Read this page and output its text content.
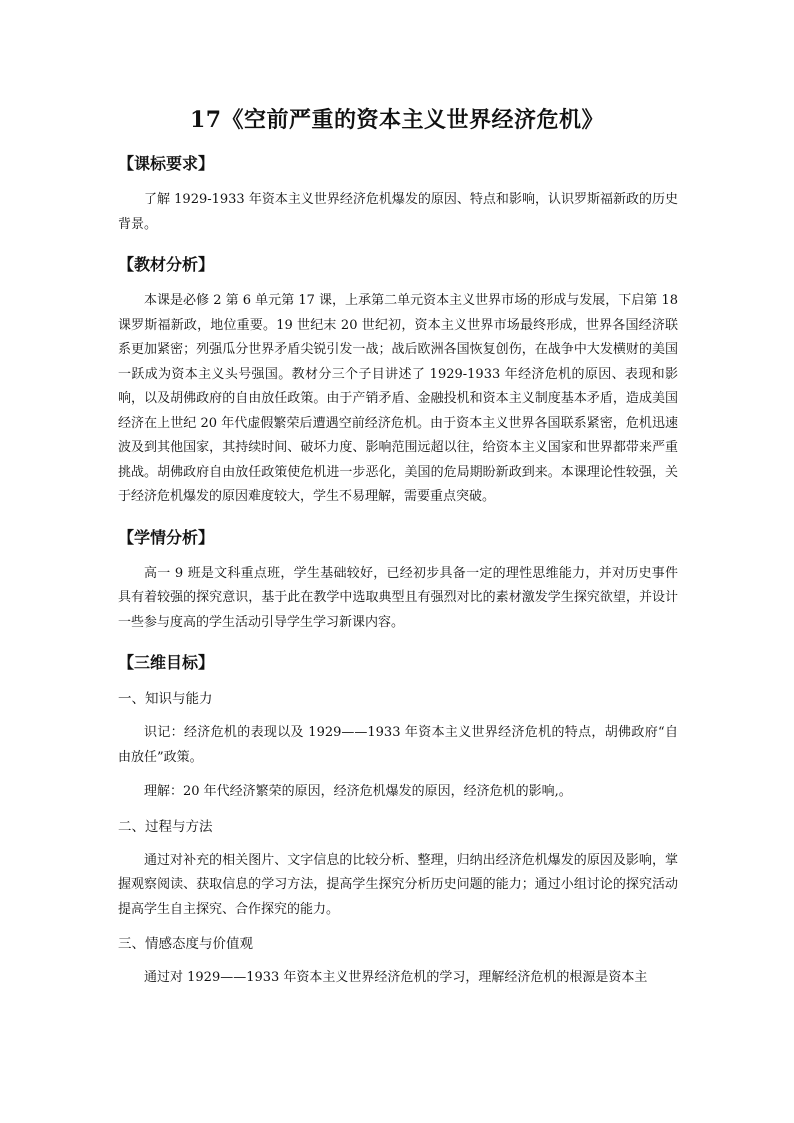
17《空前严重的资本主义世界经济危机》
【课标要求】

了解 1929-1933 年资本主义世界经济危机爆发的原因、特点和影响，认识罗斯福新政的历史背景。

【教材分析】

本课是必修 2 第 6 单元第 17 课，上承第二单元资本主义世界市场的形成与发展，下启第 18 课罗斯福新政，地位重要。19 世纪末 20 世纪初，资本主义世界市场最终形成，世界各国经济联系更加紧密；列强瓜分世界矛盾尖锐引发一战；战后欧洲各国恢复创伤，在战争中大发横财的美国一跃成为资本主义头号强国。教材分三个子目讲述了 1929-1933 年经济危机的原因、表现和影响，以及胡佛政府的自由放任政策。由于产销矛盾、金融投机和资本主义制度基本矛盾，造成美国经济在上世纪 20 年代虚假繁荣后遭遇空前经济危机。由于资本主义世界各国联系紧密，危机迅速波及到其他国家，其持续时间、破坏力度、影响范围远超以往，给资本主义国家和世界都带来严重挑战。胡佛政府自由放任政策使危机进一步恶化，美国的危局期盼新政到来。本课理论性较强，关于经济危机爆发的原因难度较大，学生不易理解，需要重点突破。

【学情分析】

高一 9 班是文科重点班，学生基础较好，已经初步具备一定的理性思维能力，并对历史事件具有着较强的探究意识，基于此在教学中选取典型且有强烈对比的素材激发学生探究欲望，并设计一些参与度高的学生活动引导学生学习新课内容。

【三维目标】

一、知识与能力

识记：经济危机的表现以及 1929——1933 年资本主义世界经济危机的特点，胡佛政府“自由放任”政策。

理解：20 年代经济繁荣的原因，经济危机爆发的原因，经济危机的影响,。

二、过程与方法

通过对补充的相关图片、文字信息的比较分析、整理，归纳出经济危机爆发的原因及影响，掌握观察阅读、获取信息的学习方法，提高学生探究分析历史问题的能力；通过小组讨论的探究活动提高学生自主探究、合作探究的能力。

三、情感态度与价值观

通过对 1929——1933 年资本主义世界经济危机的学习，理解经济危机的根源是资本主
